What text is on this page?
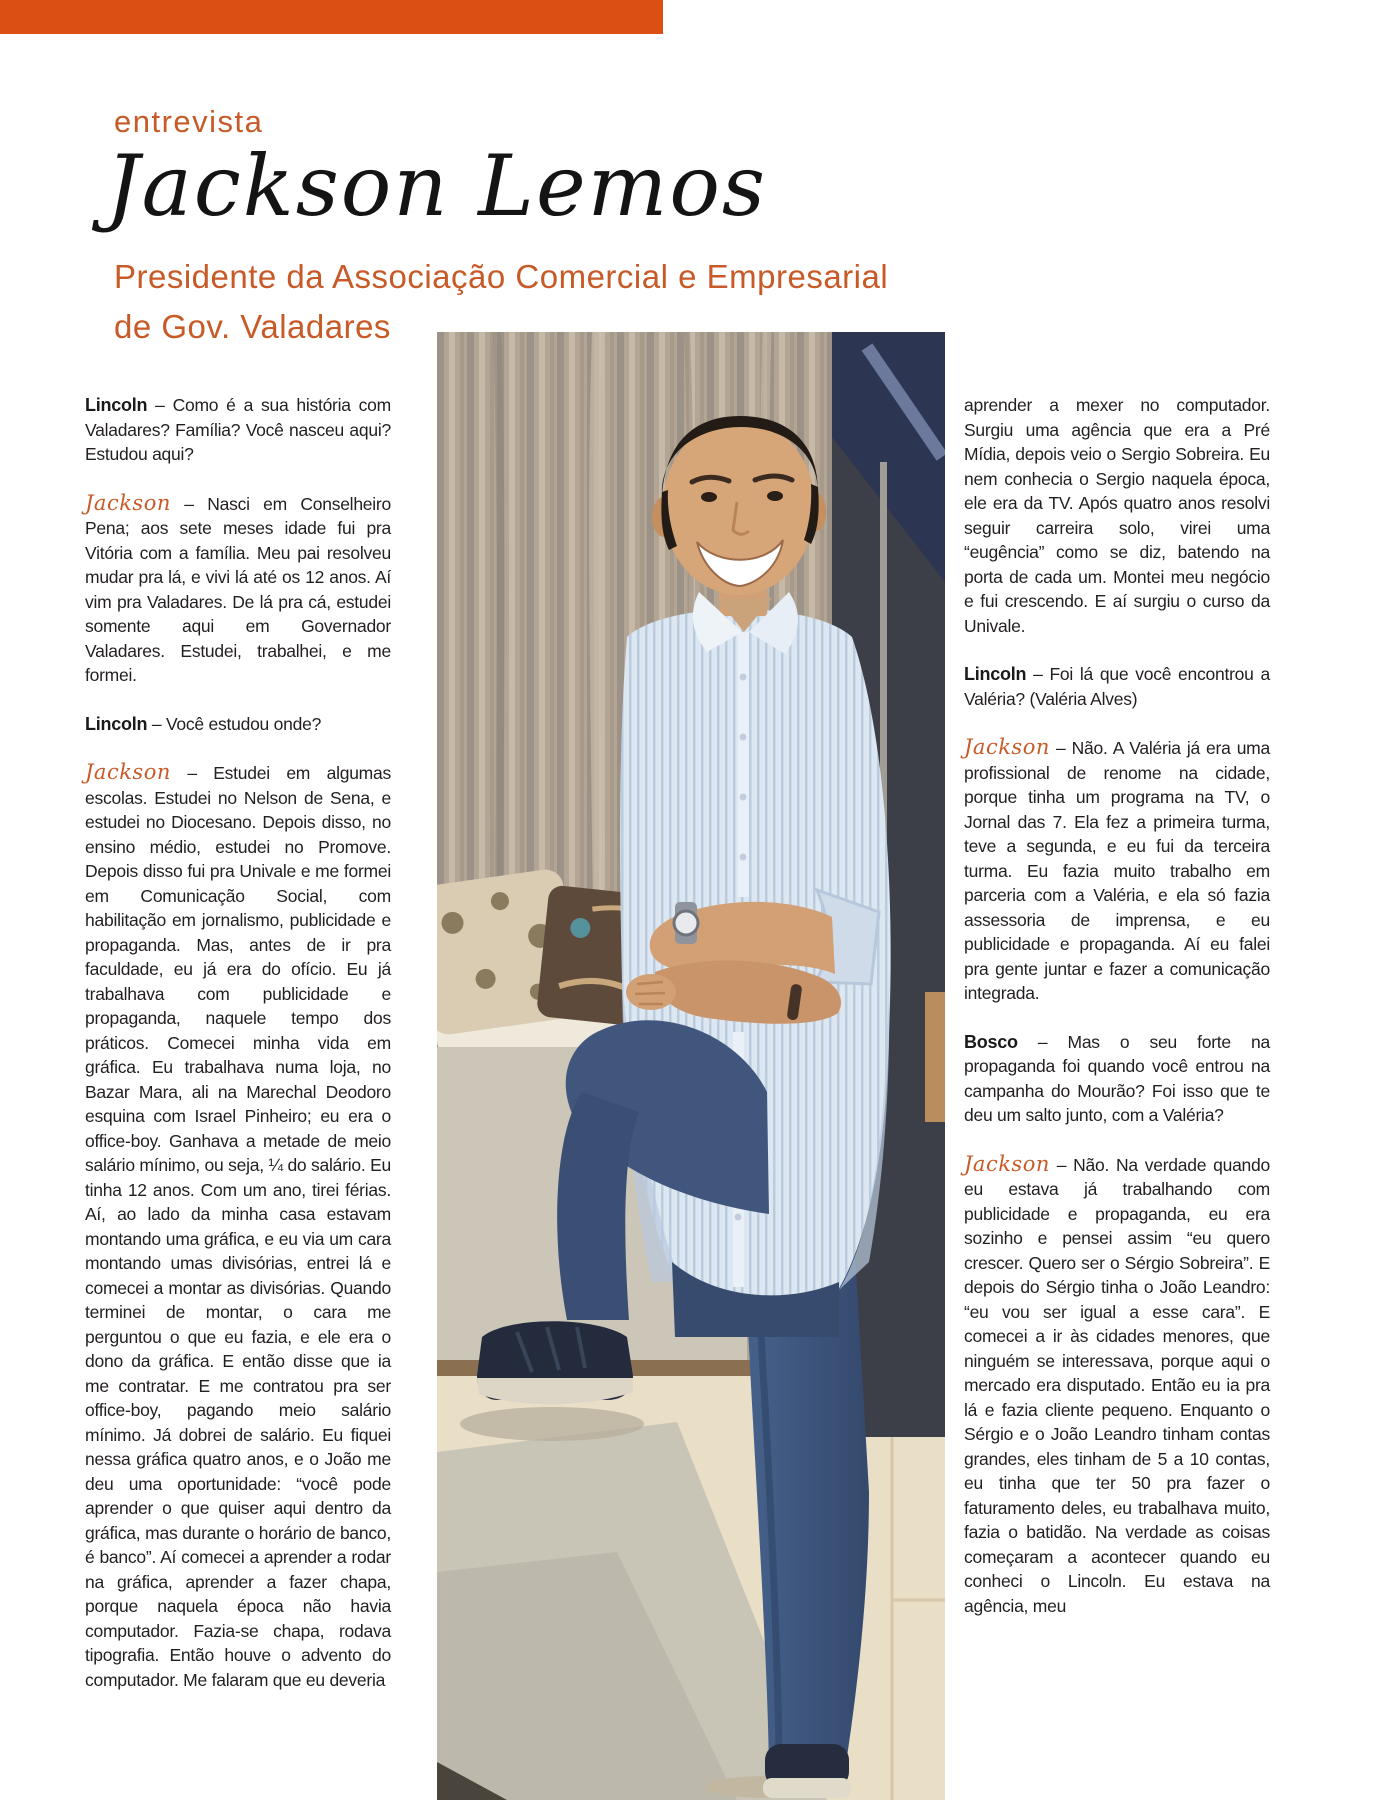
entrevista
Jackson Lemos
Presidente da Associação Comercial e Empresarial
de Gov. Valadares

Lincoln – Como é a sua história com Valadares? Família? Você nasceu aqui? Estudou aqui?

Jackson – Nasci em Conselheiro Pena; aos sete meses idade fui pra Vitória com a família. Meu pai resolveu mudar pra lá, e vivi lá até os 12 anos. Aí vim pra Valadares. De lá pra cá, estudei somente aqui em Governador Valadares. Estudei, trabalhei, e me formei.

Lincoln – Você estudou onde?

Jackson – Estudei em algumas escolas. Estudei no Nelson de Sena, e estudei no Diocesano. Depois disso, no ensino médio, estudei no Promove. Depois disso fui pra Univale e me formei em Comunicação Social, com habilitação em jornalismo, publicidade e propaganda. Mas, antes de ir pra faculdade, eu já era do ofício. Eu já trabalhava com publicidade e propaganda, naquele tempo dos práticos. Comecei minha vida em gráfica. Eu trabalhava numa loja, no Bazar Mara, ali na Marechal Deodoro esquina com Israel Pinheiro; eu era o office-boy. Ganhava a metade de meio salário mínimo, ou seja, ¼ do salário. Eu tinha 12 anos. Com um ano, tirei férias. Aí, ao lado da minha casa estavam montando uma gráfica, e eu via um cara montando umas divisórias, entrei lá e comecei a montar as divisórias. Quando terminei de montar, o cara me perguntou o que eu fazia, e ele era o dono da gráfica. E então disse que ia me contratar. E me contratou pra ser office-boy, pagando meio salário mínimo. Já dobrei de salário. Eu fiquei nessa gráfica quatro anos, e o João me deu uma oportunidade: “você pode aprender o que quiser aqui dentro da gráfica, mas durante o horário de banco, é banco”. Aí comecei a aprender a rodar na gráfica, aprender a fazer chapa, porque naquela época não havia computador. Fazia-se chapa, rodava tipografia. Então houve o advento do computador. Me falaram que eu deveria

aprender a mexer no computador. Surgiu uma agência que era a Pré Mídia, depois veio o Sergio Sobreira. Eu nem conhecia o Sergio naquela época, ele era da TV. Após quatro anos resolvi seguir carreira solo, virei uma “eugência” como se diz, batendo na porta de cada um. Montei meu negócio e fui crescendo. E aí surgiu o curso da Univale.

Lincoln – Foi lá que você encontrou a Valéria? (Valéria Alves)

Jackson – Não. A Valéria já era uma profissional de renome na cidade, porque tinha um programa na TV, o Jornal das 7. Ela fez a primeira turma, teve a segunda, e eu fui da terceira turma. Eu fazia muito trabalho em parceria com a Valéria, e ela só fazia assessoria de imprensa, e eu publicidade e propaganda. Aí eu falei pra gente juntar e fazer a comunicação integrada.

Bosco – Mas o seu forte na propaganda foi quando você entrou na campanha do Mourão? Foi isso que te deu um salto junto, com a Valéria?

Jackson – Não. Na verdade quando eu estava já trabalhando com publicidade e propaganda, eu era sozinho e pensei assim “eu quero crescer. Quero ser o Sérgio Sobreira”. E depois do Sérgio tinha o João Leandro: “eu vou ser igual a esse cara”. E comecei a ir às cidades menores, que ninguém se interessava, porque aqui o mercado era disputado. Então eu ia pra lá e fazia cliente pequeno. Enquanto o Sérgio e o João Leandro tinham contas grandes, eles tinham de 5 a 10 contas, eu tinha que ter 50 pra fazer o faturamento deles, eu trabalhava muito, fazia o batidão. Na verdade as coisas começaram a acontecer quando eu conheci o Lincoln. Eu estava na agência, meu
